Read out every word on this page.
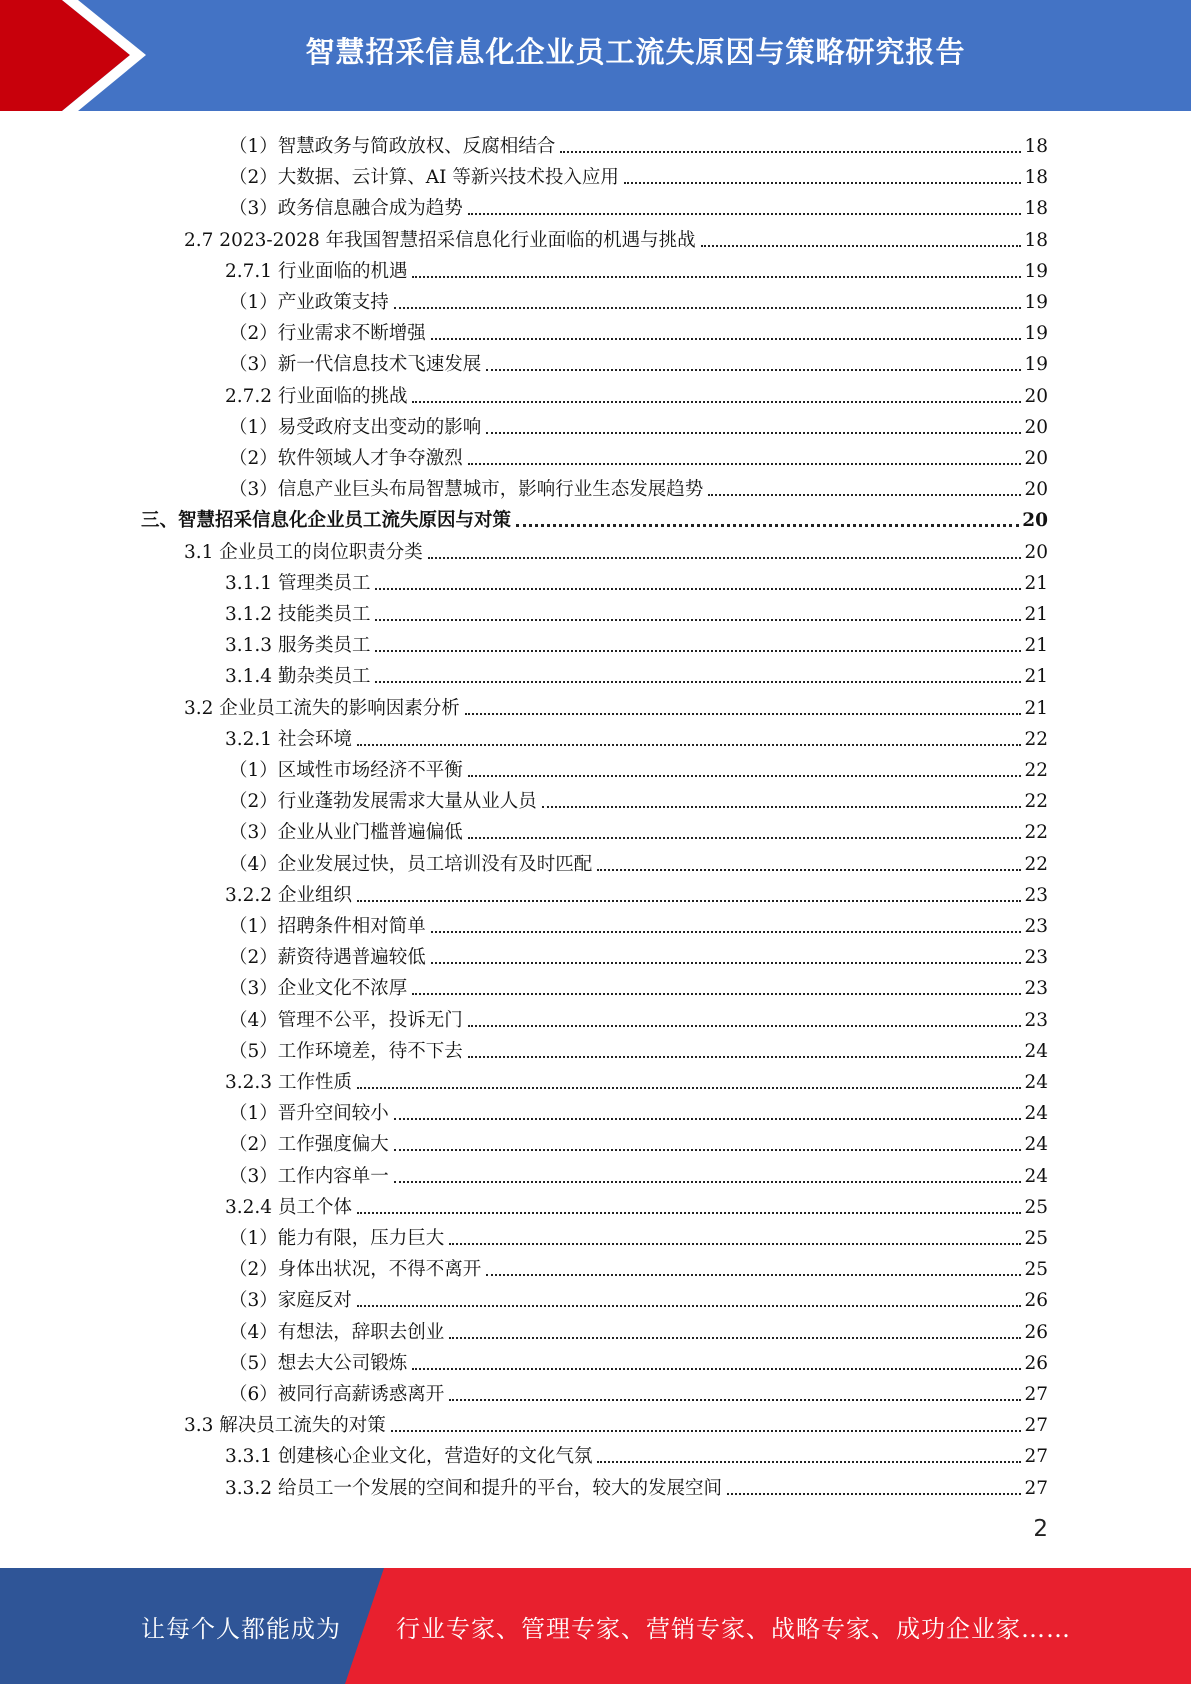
智慧招采信息化企业员工流失原因与策略研究报告
（1）智慧政务与简政放权、反腐相结合	18
（2）大数据、云计算、AI 等新兴技术投入应用	18
（3）政务信息融合成为趋势	18
2.7 2023-2028 年我国智慧招采信息化行业面临的机遇与挑战	18
2.7.1 行业面临的机遇	19
（1）产业政策支持	19
（2）行业需求不断增强	19
（3）新一代信息技术飞速发展	19
2.7.2 行业面临的挑战	20
（1）易受政府支出变动的影响	20
（2）软件领域人才争夺激烈	20
（3）信息产业巨头布局智慧城市，影响行业生态发展趋势	20
三、智慧招采信息化企业员工流失原因与对策	20
3.1 企业员工的岗位职责分类	20
3.1.1 管理类员工	21
3.1.2 技能类员工	21
3.1.3 服务类员工	21
3.1.4 勤杂类员工	21
3.2 企业员工流失的影响因素分析	21
3.2.1 社会环境	22
（1）区域性市场经济不平衡	22
（2）行业蓬勃发展需求大量从业人员	22
（3）企业从业门槛普遍偏低	22
（4）企业发展过快，员工培训没有及时匹配	22
3.2.2 企业组织	23
（1）招聘条件相对简单	23
（2）薪资待遇普遍较低	23
（3）企业文化不浓厚	23
（4）管理不公平，投诉无门	23
（5）工作环境差，待不下去	24
3.2.3 工作性质	24
（1）晋升空间较小	24
（2）工作强度偏大	24
（3）工作内容单一	24
3.2.4 员工个体	25
（1）能力有限，压力巨大	25
（2）身体出状况，不得不离开	25
（3）家庭反对	26
（4）有想法，辞职去创业	26
（5）想去大公司锻炼	26
（6）被同行高薪诱惑离开	27
3.3 解决员工流失的对策	27
3.3.1 创建核心企业文化，营造好的文化气氛	27
3.3.2 给员工一个发展的空间和提升的平台，较大的发展空间	27
2
让每个人都能成为 行业专家、管理专家、营销专家、战略专家、成功企业家……
